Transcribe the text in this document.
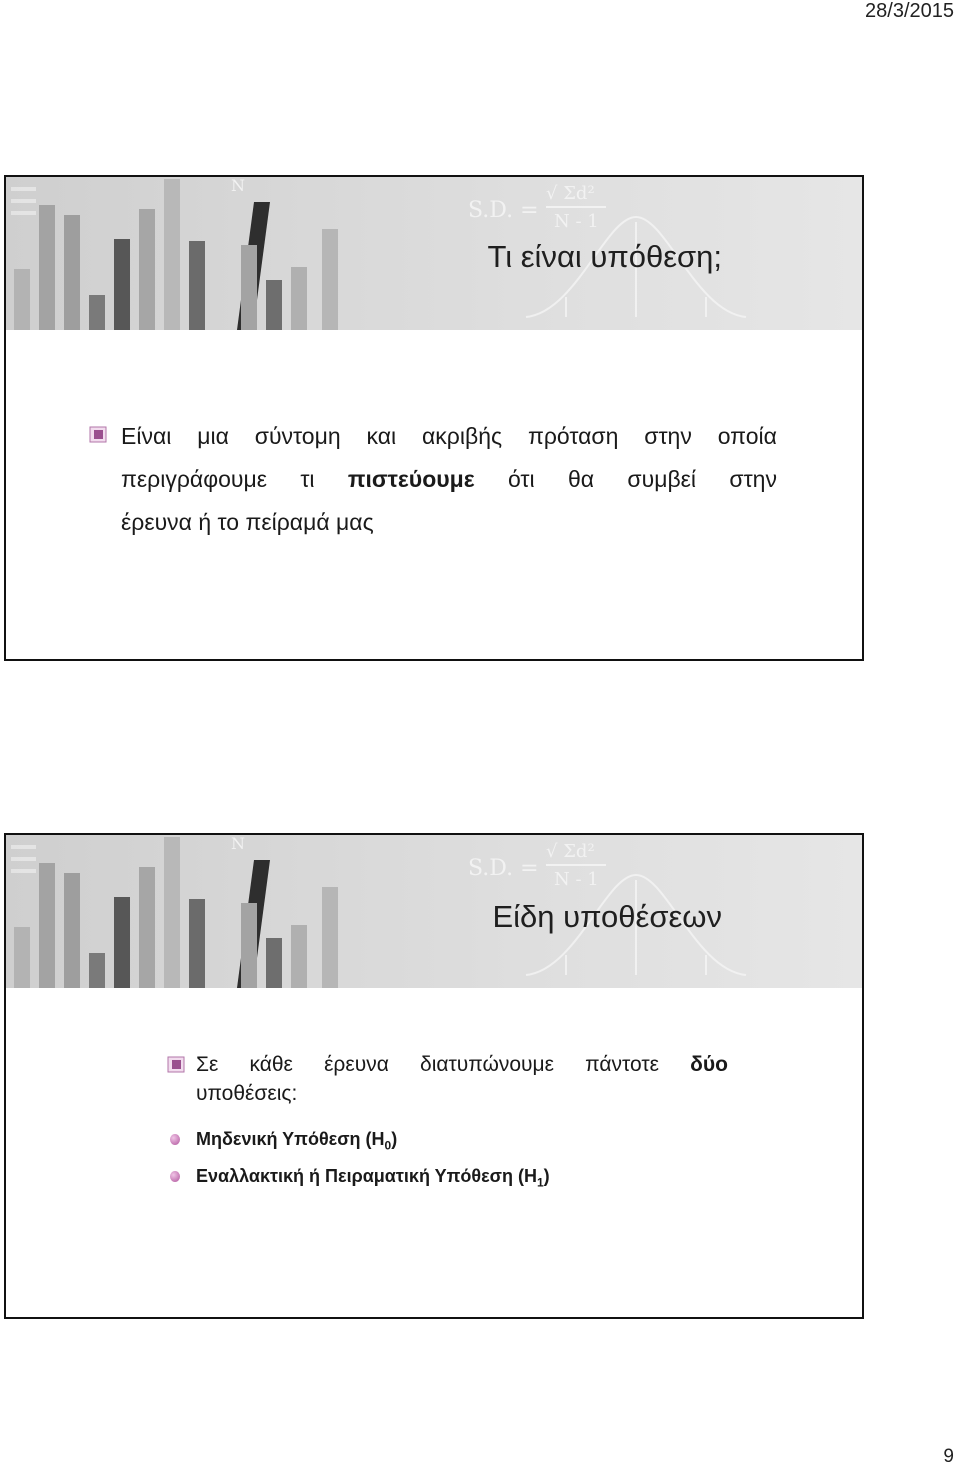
28/3/2015
S.D. =
√ Σd²
N - 1
N
Τι είναι υπόθεση;
Είναι μια σύντομη και ακριβής πρόταση στην οποία
περιγράφουμε τι πιστεύουμε ότι θα συμβεί στην
έρευνα ή το πείραμά μας
S.D. =
√ Σd²
N - 1
N
Είδη υποθέσεων
Σε κάθε έρευνα διατυπώνουμε πάντοτε δύο
υποθέσεις:
Μηδενική Υπόθεση $(H_0)$
Εναλλακτική ή Πειραματική Υπόθεση $(H_1)$
9
